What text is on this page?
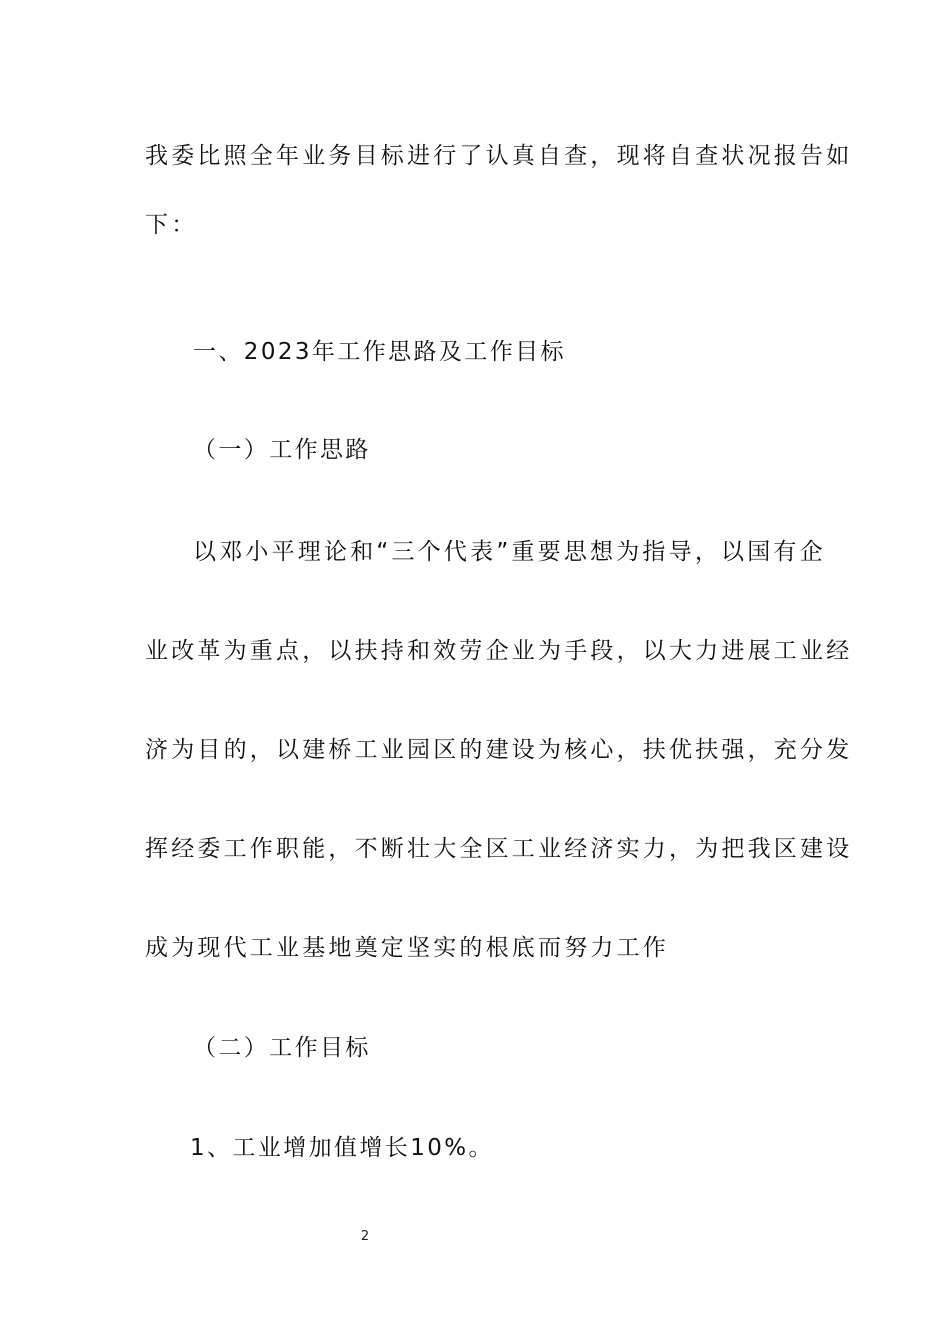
我委比照全年业务目标进行了认真自查，现将自查状况报告如
下：
一、2023年工作思路及工作目标
（一）工作思路
以邓小平理论和“三个代表”重要思想为指导，以国有企
业改革为重点，以扶持和效劳企业为手段，以大力进展工业经
济为目的，以建桥工业园区的建设为核心，扶优扶强，充分发
挥经委工作职能，不断壮大全区工业经济实力，为把我区建设
成为现代工业基地奠定坚实的根底而努力工作
（二）工作目标
1、工业增加值增长10%。
2
